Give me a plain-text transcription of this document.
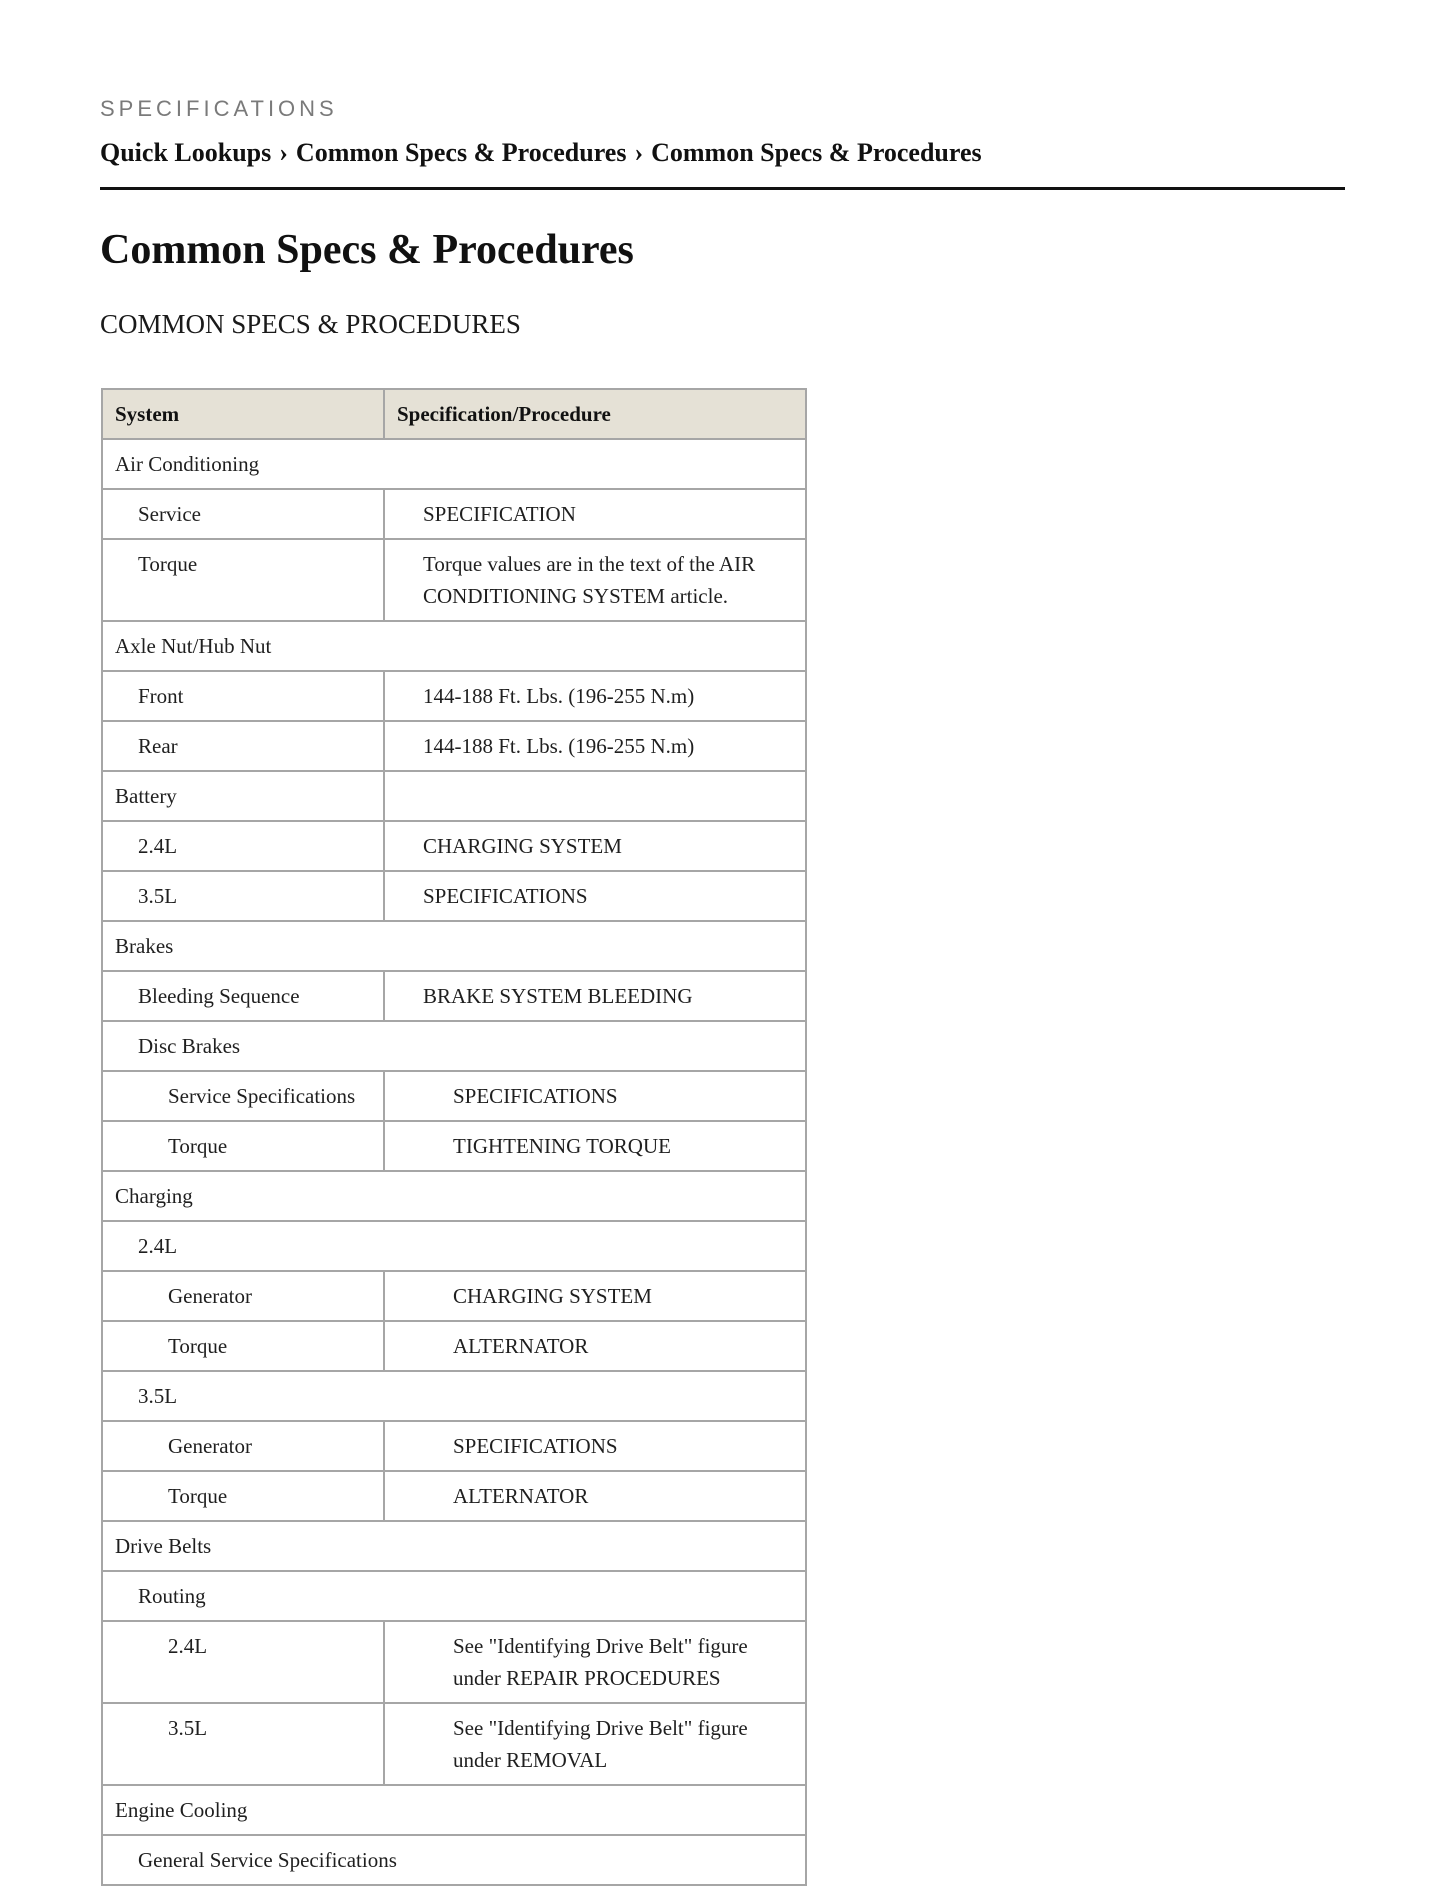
SPECIFICATIONS
Quick Lookups › Common Specs & Procedures › Common Specs & Procedures
Common Specs & Procedures
COMMON SPECS & PROCEDURES
System	Specification/Procedure
Air Conditioning	
Service	SPECIFICATION
Torque	Torque values are in the text of the AIR CONDITIONING SYSTEM article.
Axle Nut/Hub Nut	
Front	144-188 Ft. Lbs. (196-255 N.m)
Rear	144-188 Ft. Lbs. (196-255 N.m)
Battery	
2.4L	CHARGING SYSTEM
3.5L	SPECIFICATIONS
Brakes	
Bleeding Sequence	BRAKE SYSTEM BLEEDING
Disc Brakes	
Service Specifications	SPECIFICATIONS
Torque	TIGHTENING TORQUE
Charging	
2.4L	
Generator	CHARGING SYSTEM
Torque	ALTERNATOR
3.5L	
Generator	SPECIFICATIONS
Torque	ALTERNATOR
Drive Belts	
Routing	
2.4L	See "Identifying Drive Belt" figure under REPAIR PROCEDURES
3.5L	See "Identifying Drive Belt" figure under REMOVAL
Engine Cooling	
General Service Specifications	
